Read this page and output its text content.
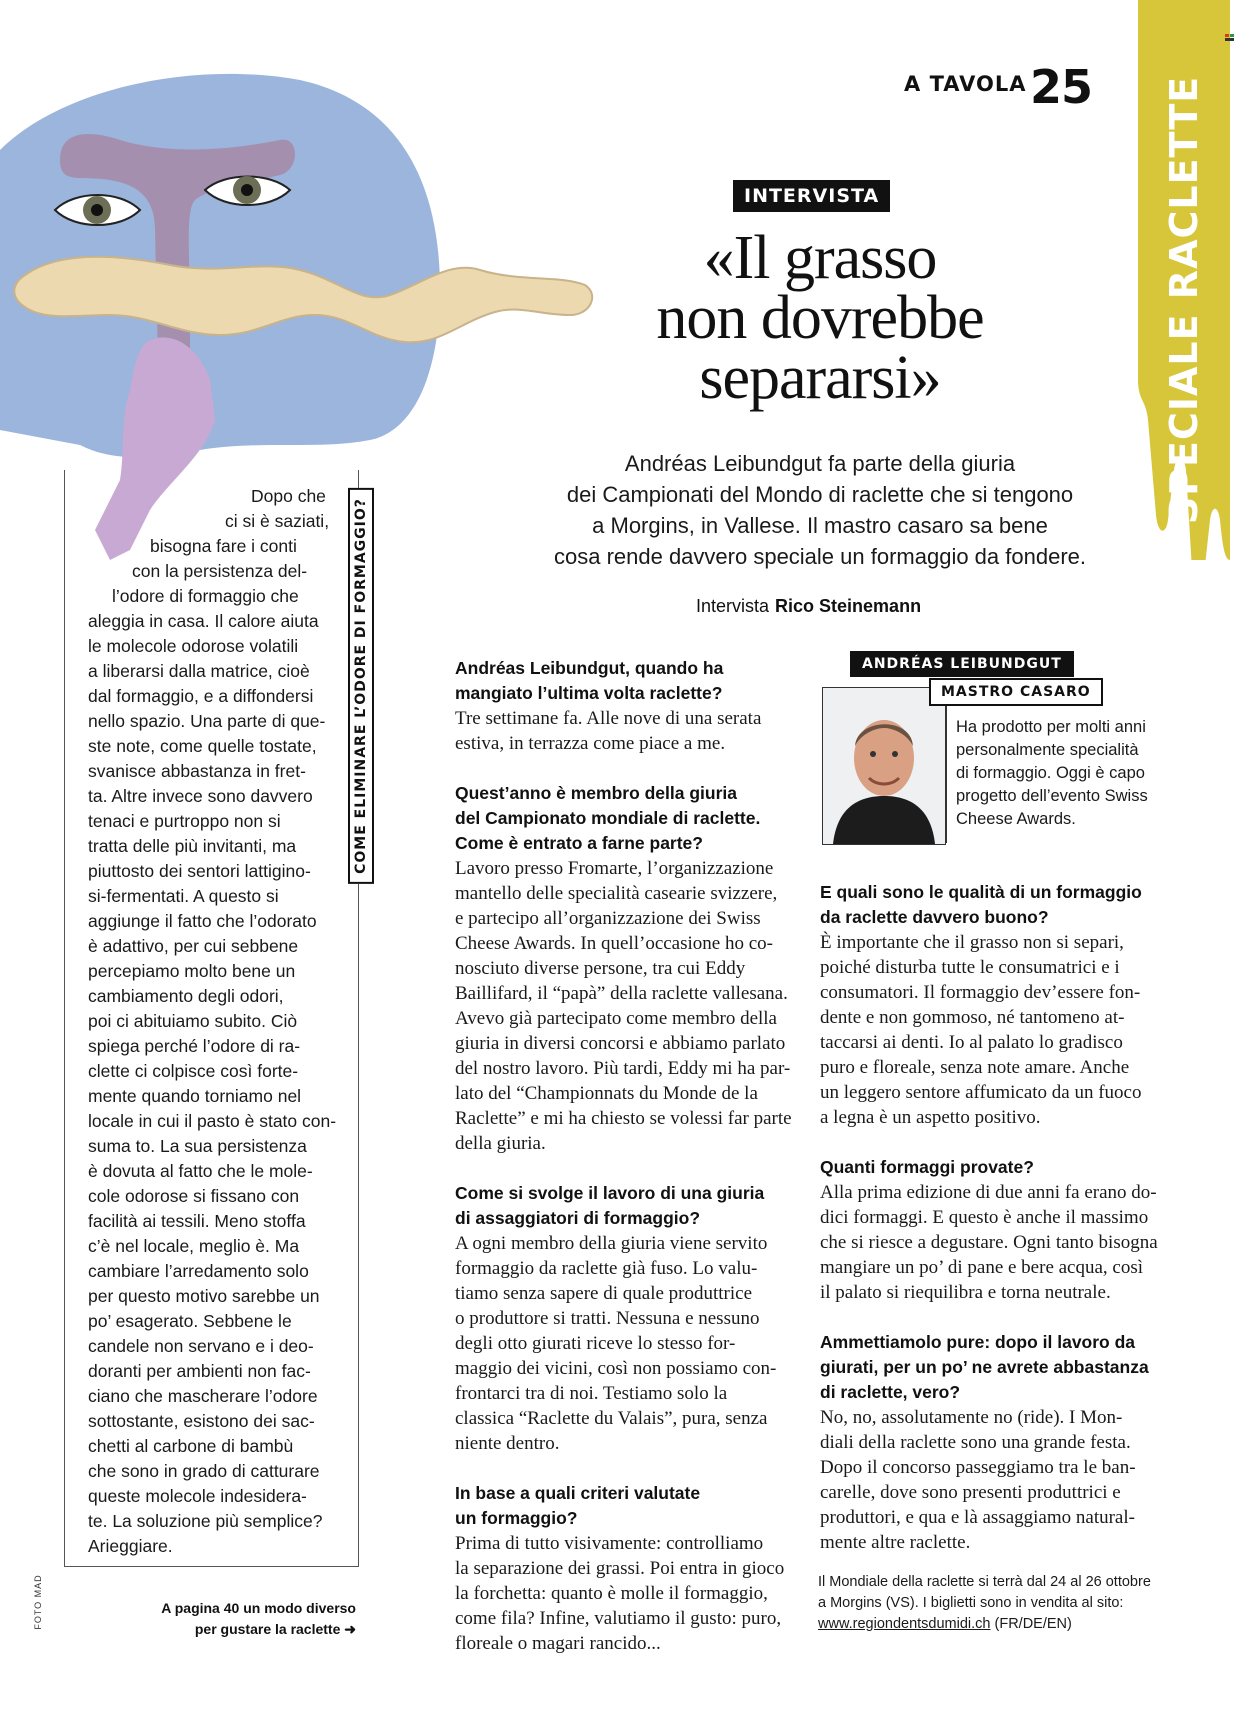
A TAVOLA 25 SPECIALE RACLETTE
INTERVISTA
«Il grasso
non dovrebbe
separarsi»
Andréas Leibundgut fa parte della giuria
dei Campionati del Mondo di raclette che si tengono
a Morgins, in Vallese. Il mastro casaro sa bene
cosa rende davvero speciale un formaggio da fondere.
Intervista Rico Steinemann
COME ELIMINARE L’ODORE DI FORMAGGIO?
Dopo che
ci si è saziati,
bisogna fare i conti
con la persistenza del-
l’odore di formaggio che
aleggia in casa. Il calore aiuta
le molecole odorose volatili
a liberarsi dalla matrice, cioè
dal formaggio, e a diffondersi
nello spazio. Una parte di que-
ste note, come quelle tostate,
svanisce abbastanza in fret-
ta. Altre invece sono davvero
tenaci e purtroppo non si
tratta delle più invitanti, ma
piuttosto dei sentori lattigino-
si-fermentati. A questo si
aggiunge il fatto che l’odorato
è adattivo, per cui sebbene
percepiamo molto bene un
cambiamento degli odori,
poi ci abituiamo subito. Ciò
spiega perché l’odore di ra-
clette ci colpisce così forte-
mente quando torniamo nel
locale in cui il pasto è stato con-
suma to. La sua persistenza
è dovuta al fatto che le mole-
cole odorose si fissano con
facilità ai tessili. Meno stoffa
c’è nel locale, meglio è. Ma
cambiare l’arredamento solo
per questo motivo sarebbe un
po’ esagerato. Sebbene le
candele non servano e i deo-
doranti per ambienti non fac-
ciano che mascherare l’odore
sottostante, esistono dei sac-
chetti al carbone di bambù
che sono in grado di catturare
queste molecole indesidera-
te. La soluzione più semplice?
Arieggiare.
FOTO MAD	A pagina 40 un modo diverso
per gustare la raclette ➜
Andréas Leibundgut, quando ha
mangiato l’ultima volta raclette?
Tre settimane fa. Alle nove di una serata
estiva, in terrazza come piace a me.
Quest’anno è membro della giuria
del Campionato mondiale di raclette.
Come è entrato a farne parte?
Lavoro presso Fromarte, l’organizzazione
mantello delle specialità casearie svizzere,
e partecipo all’organizzazione dei Swiss
Cheese Awards. In quell’occasione ho co-
nosciuto diverse persone, tra cui Eddy
Baillifard, il “papà” della raclette vallesana.
Avevo già partecipato come membro della
giuria in diversi concorsi e abbiamo parlato
del nostro lavoro. Più tardi, Eddy mi ha par-
lato del “Championnats du Monde de la
Raclette” e mi ha chiesto se volessi far parte
della giuria.
Come si svolge il lavoro di una giuria
di assaggiatori di formaggio?
A ogni membro della giuria viene servito
formaggio da raclette già fuso. Lo valu-
tiamo senza sapere di quale produttrice
o produttore si tratti. Nessuna e nessuno
degli otto giurati riceve lo stesso for-
maggio dei vicini, così non possiamo con-
frontarci tra di noi. Testiamo solo la
classica “Raclette du Valais”, pura, senza
niente dentro.
In base a quali criteri valutate
un formaggio?
Prima di tutto visivamente: controlliamo
la separazione dei grassi. Poi entra in gioco
la forchetta: quanto è molle il formaggio,
come fila? Infine, valutiamo il gusto: puro,
floreale o magari rancido...
ANDRÉAS LEIBUNDGUT
MASTRO CASARO
Ha prodotto per molti anni
personalmente specialità
di formaggio. Oggi è capo
progetto dell’evento Swiss
Cheese Awards.
E quali sono le qualità di un formaggio
da raclette davvero buono?
È importante che il grasso non si separi,
poiché disturba tutte le consumatrici e i
consumatori. Il formaggio dev’essere fon-
dente e non gommoso, né tantomeno at-
taccarsi ai denti. Io al palato lo gradisco
puro e floreale, senza note amare. Anche
un leggero sentore affumicato da un fuoco
a legna è un aspetto positivo.
Quanti formaggi provate?
Alla prima edizione di due anni fa erano do-
dici formaggi. E questo è anche il massimo
che si riesce a degustare. Ogni tanto bisogna
mangiare un po’ di pane e bere acqua, così
il palato si riequilibra e torna neutrale.
Ammettiamolo pure: dopo il lavoro da
giurati, per un po’ ne avrete abbastanza
di raclette, vero?
No, no, assolutamente no (ride). I Mon-
diali della raclette sono una grande festa.
Dopo il concorso passeggiamo tra le ban-
carelle, dove sono presenti produttrici e
produttori, e qua e là assaggiamo natural-
mente altre raclette.
Il Mondiale della raclette si terrà dal 24 al 26 ottobre
a Morgins (VS). I biglietti sono in vendita al sito:
www.regiondentsdumidi.ch (FR/DE/EN)
